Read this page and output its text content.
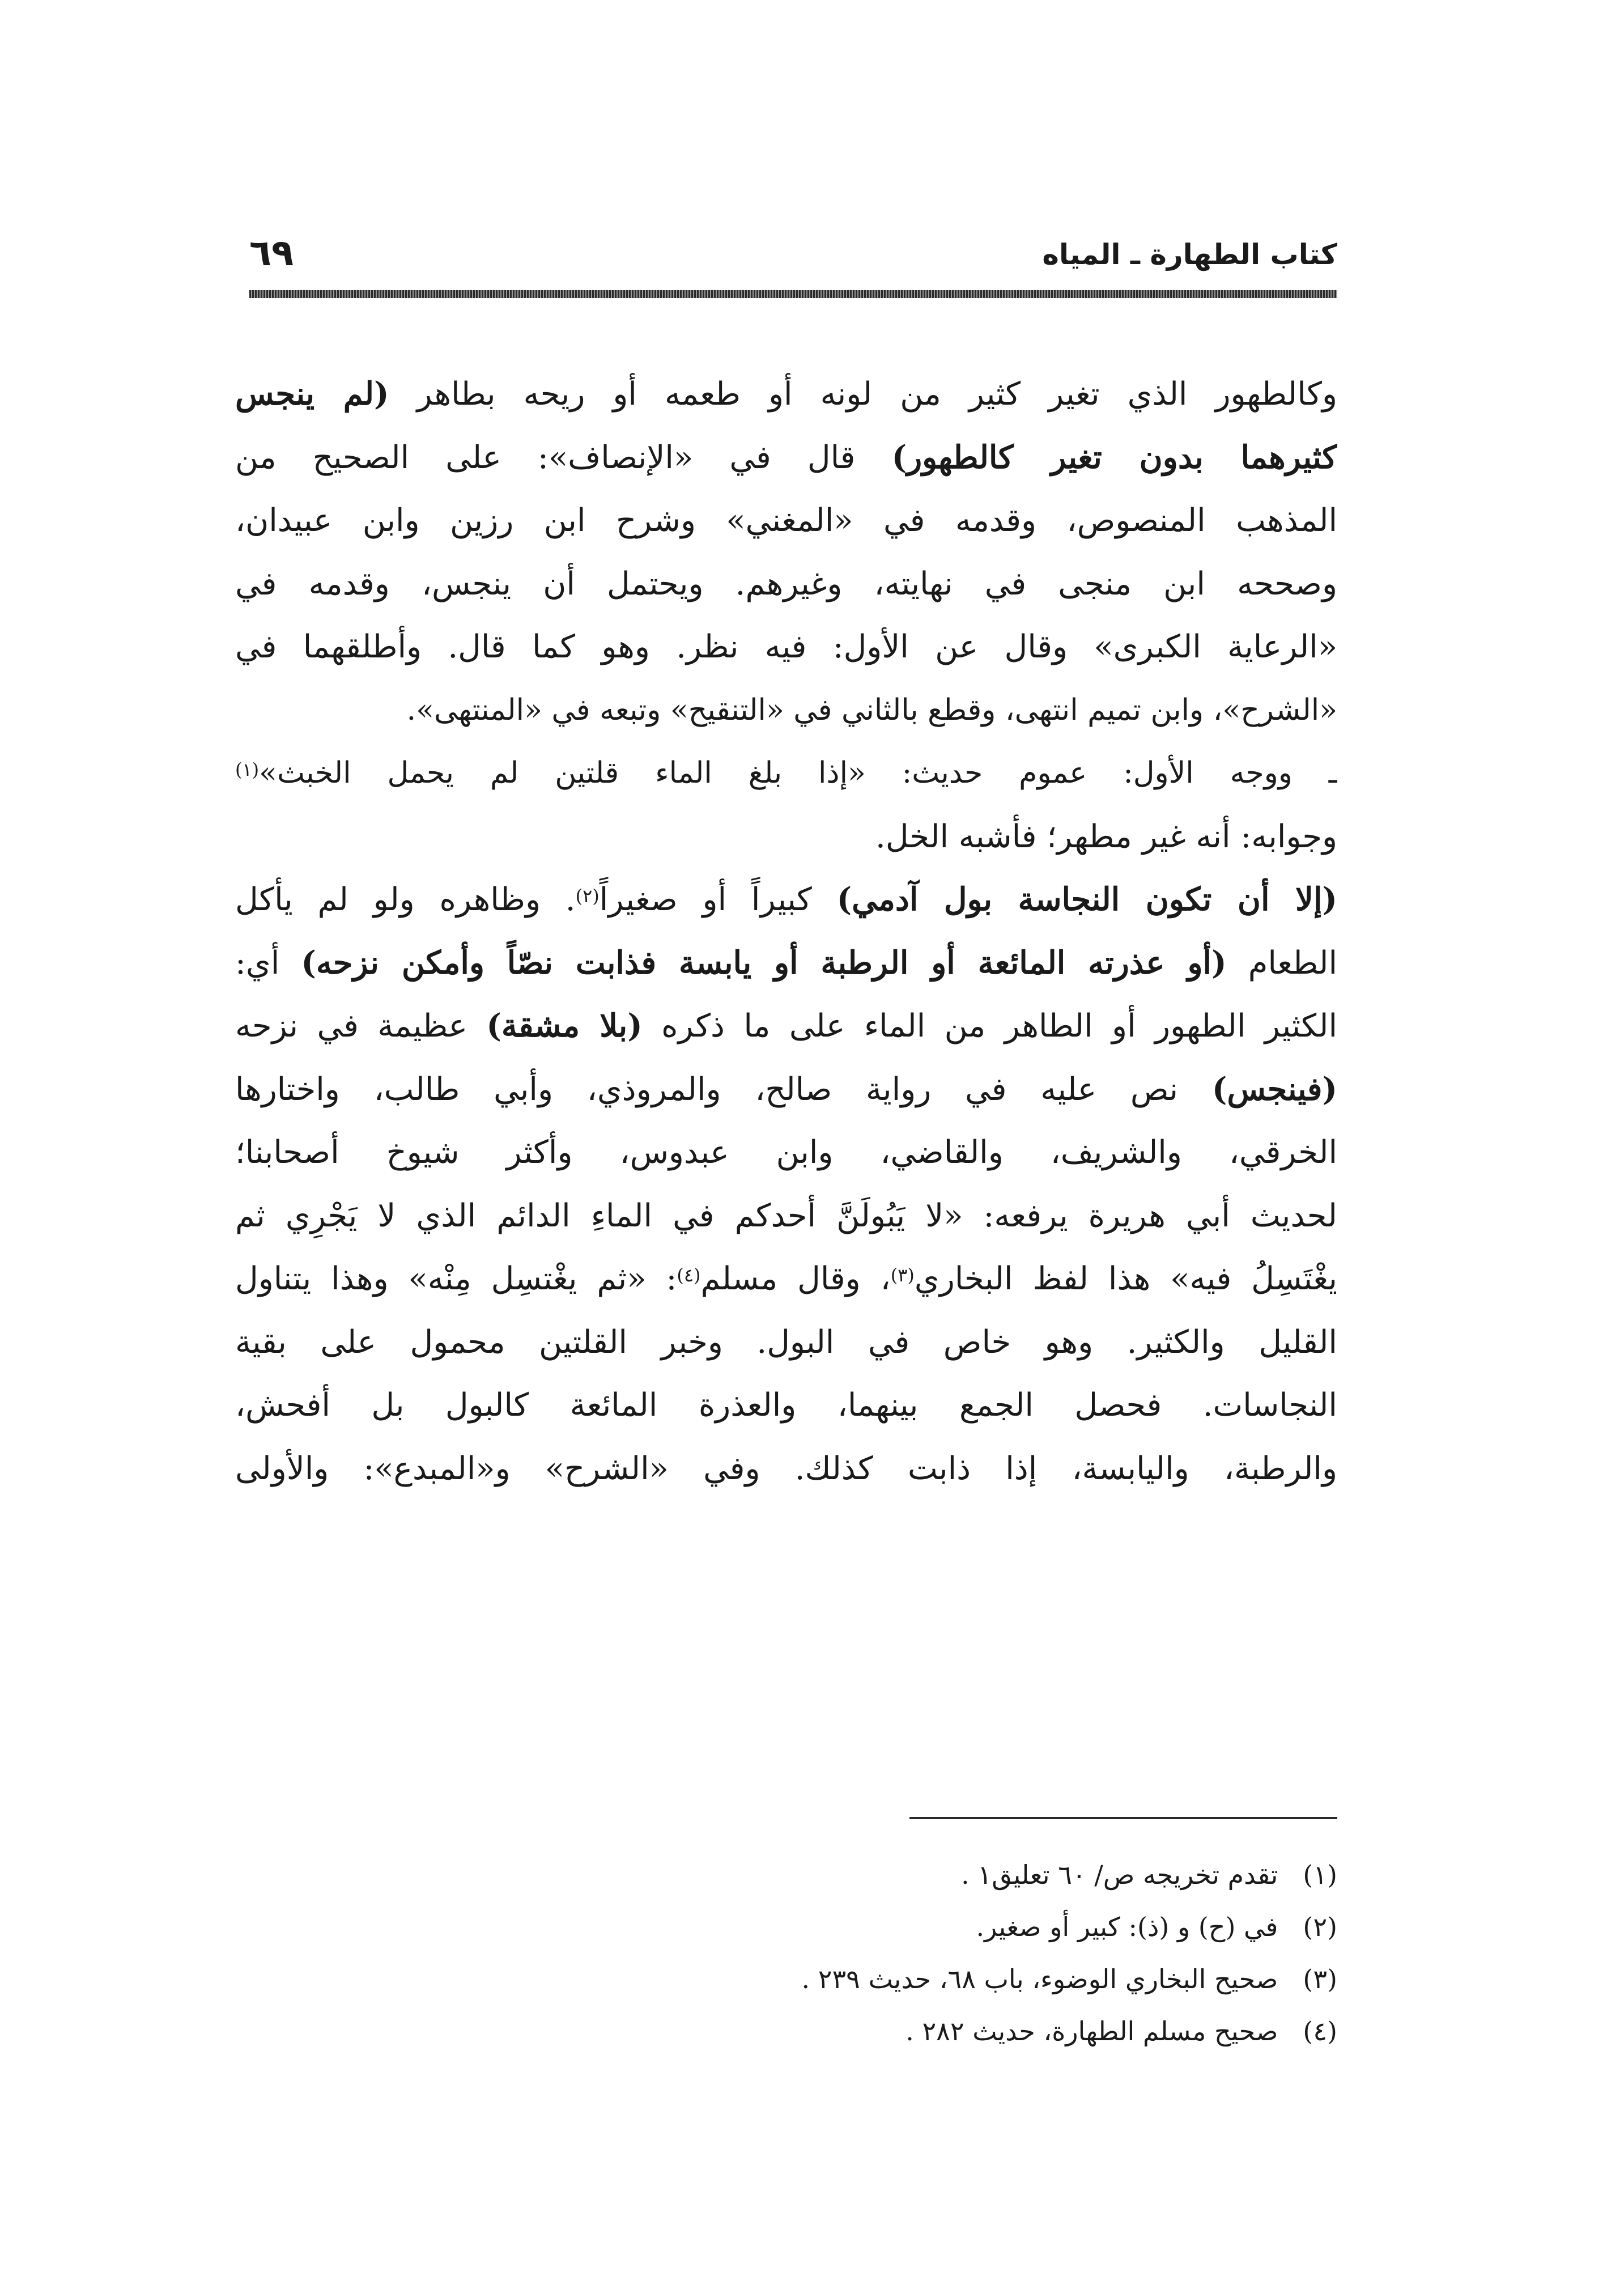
كتاب الطهارة ـ المياه
٦٩
وكالطهور الذي تغير كثير من لونه أو طعمه أو ريحه بطاهر (لم ينجس
كثيرهما بدون تغير كالطهور) قال في «الإنصاف»: على الصحيح من
المذهب المنصوص، وقدمه في «المغني» وشرح ابن رزين وابن عبيدان،
وصححه ابن منجى في نهايته، وغيرهم. ويحتمل أن ينجس، وقدمه في
«الرعاية الكبرى» وقال عن الأول: فيه نظر. وهو كما قال. وأطلقهما في
«الشرح»، وابن تميم انتهى، وقطع بالثاني في «التنقيح» وتبعه في «المنتهى».
ـ ووجه الأول: عموم حديث: «إذا بلغ الماء قلتين لم يحمل الخبث»$^{(١)}$
وجوابه: أنه غير مطهر؛ فأشبه الخل.
(إلا أن تكون النجاسة بول آدمي) كبيراً أو صغيراً$^{(٢)}$. وظاهره ولو لم يأكل
الطعام (أو عذرته المائعة أو الرطبة أو يابسة فذابت نصّاً وأمكن نزحه) أي:
الكثير الطهور أو الطاهر من الماء على ما ذكره (بلا مشقة) عظيمة في نزحه
(فينجس) نص عليه في رواية صالح، والمروذي، وأبي طالب، واختارها
الخرقي، والشريف، والقاضي، وابن عبدوس، وأكثر شيوخ أصحابنا؛
لحديث أبي هريرة يرفعه: «لا يَبُولَنَّ أحدكم في الماءِ الدائم الذي لا يَجْرِي ثم
يغْتَسِلُ فيه» هذا لفظ البخاري$^{(٣)}$، وقال مسلم$^{(٤)}$: «ثم يغْتسِل مِنْه» وهذا يتناول
القليل والكثير. وهو خاص في البول. وخبر القلتين محمول على بقية
النجاسات. فحصل الجمع بينهما، والعذرة المائعة كالبول بل أفحش،
والرطبة، واليابسة، إذا ذابت كذلك. وفي «الشرح» و«المبدع»: والأولى
(١) تقدم تخريجه ص/ ٦٠ تعليق١ .
(٢) في (ح) و (ذ): كبير أو صغير.
(٣) صحيح البخاري الوضوء، باب ٦٨، حديث ٢٣٩ .
(٤) صحيح مسلم الطهارة، حديث ٢٨٢ .
